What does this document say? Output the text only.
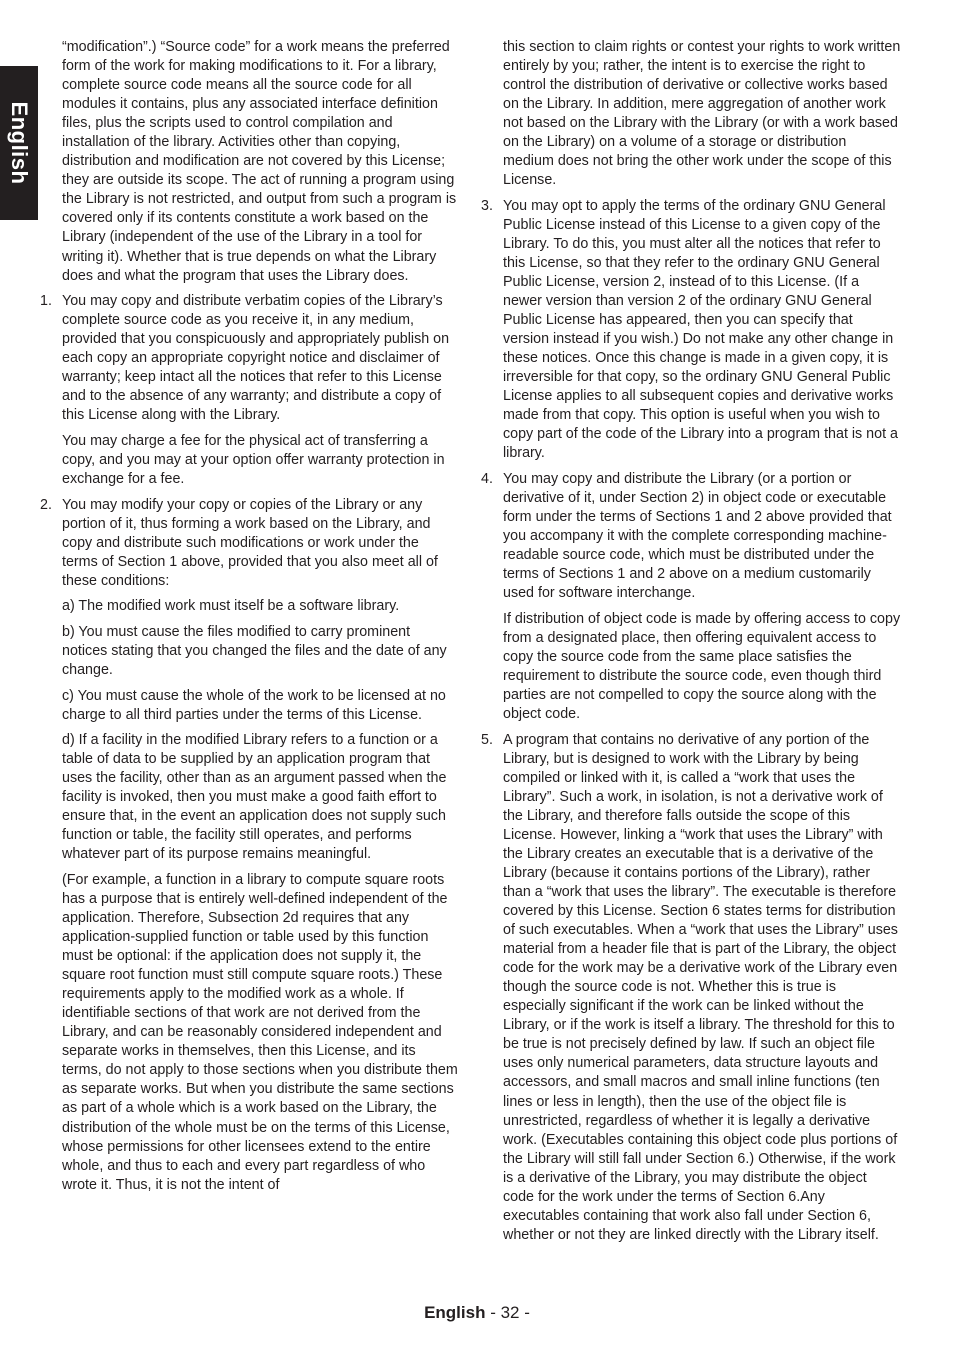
English
“modification”.) “Source code” for a work means the preferred form of the work for making modifications to it. For a library, complete source code means all the source code for all modules it contains, plus any associated interface definition files, plus the scripts used to control compilation and installation of the library. Activities other than copying, distribution and modification are not covered by this License; they are outside its scope. The act of running a program using the Library is not restricted, and output from such a program is covered only if its contents constitute a work based on the Library (independent of the use of the Library in a tool for writing it). Whether that is true depends on what the Library does and what the program that uses the Library does.
1. You may copy and distribute verbatim copies of the Library’s complete source code as you receive it, in any medium, provided that you conspicuously and appropriately publish on each copy an appropriate copyright notice and disclaimer of warranty; keep intact all the notices that refer to this License and to the absence of any warranty; and distribute a copy of this License along with the Library.
You may charge a fee for the physical act of transferring a copy, and you may at your option offer warranty protection in exchange for a fee.
2. You may modify your copy or copies of the Library or any portion of it, thus forming a work based on the Library, and copy and distribute such modifications or work under the terms of Section 1 above, provided that you also meet all of these conditions:
a) The modified work must itself be a software library.
b) You must cause the files modified to carry prominent notices stating that you changed the files and the date of any change.
c) You must cause the whole of the work to be licensed at no charge to all third parties under the terms of this License.
d) If a facility in the modified Library refers to a function or a table of data to be supplied by an application program that uses the facility, other than as an argument passed when the facility is invoked, then you must make a good faith effort to ensure that, in the event an application does not supply such function or table, the facility still operates, and performs whatever part of its purpose remains meaningful.
(For example, a function in a library to compute square roots has a purpose that is entirely well-defined independent of the application. Therefore, Subsection 2d requires that any application-supplied function or table used by this function must be optional: if the application does not supply it, the square root function must still compute square roots.) These requirements apply to the modified work as a whole. If identifiable sections of that work are not derived from the Library, and can be reasonably considered independent and separate works in themselves, then this License, and its terms, do not apply to those sections when you distribute them as separate works. But when you distribute the same sections as part of a whole which is a work based on the Library, the distribution of the whole must be on the terms of this License, whose permissions for other licensees extend to the entire whole, and thus to each and every part regardless of who wrote it. Thus, it is not the intent of
this section to claim rights or contest your rights to work written entirely by you; rather, the intent is to exercise the right to control the distribution of derivative or collective works based on the Library. In addition, mere aggregation of another work not based on the Library with the Library (or with a work based on the Library) on a volume of a storage or distribution medium does not bring the other work under the scope of this License.
3. You may opt to apply the terms of the ordinary GNU General Public License instead of this License to a given copy of the Library. To do this, you must alter all the notices that refer to this License, so that they refer to the ordinary GNU General Public License, version 2, instead of to this License. (If a newer version than version 2 of the ordinary GNU General Public License has appeared, then you can specify that version instead if you wish.) Do not make any other change in these notices. Once this change is made in a given copy, it is irreversible for that copy, so the ordinary GNU General Public License applies to all subsequent copies and derivative works made from that copy. This option is useful when you wish to copy part of the code of the Library into a program that is not a library.
4. You may copy and distribute the Library (or a portion or derivative of it, under Section 2) in object code or executable form under the terms of Sections 1 and 2 above provided that you accompany it with the complete corresponding machine-readable source code, which must be distributed under the terms of Sections 1 and 2 above on a medium customarily used for software interchange.
If distribution of object code is made by offering access to copy from a designated place, then offering equivalent access to copy the source code from the same place satisfies the requirement to distribute the source code, even though third parties are not compelled to copy the source along with the object code.
5. A program that contains no derivative of any portion of the Library, but is designed to work with the Library by being compiled or linked with it, is called a “work that uses the Library”. Such a work, in isolation, is not a derivative work of the Library, and therefore falls outside the scope of this License. However, linking a “work that uses the Library” with the Library creates an executable that is a derivative of the Library (because it contains portions of the Library), rather than a “work that uses the library”. The executable is therefore covered by this License. Section 6 states terms for distribution of such executables. When a “work that uses the Library” uses material from a header file that is part of the Library, the object code for the work may be a derivative work of the Library even though the source code is not. Whether this is true is especially significant if the work can be linked without the Library, or if the work is itself a library. The threshold for this to be true is not precisely defined by law. If such an object file uses only numerical parameters, data structure layouts and accessors, and small macros and small inline functions (ten lines or less in length), then the use of the object file is unrestricted, regardless of whether it is legally a derivative work. (Executables containing this object code plus portions of the Library will still fall under Section 6.) Otherwise, if the work is a derivative of the Library, you may distribute the object code for the work under the terms of Section 6.Any executables containing that work also fall under Section 6, whether or not they are linked directly with the Library itself.
English - 32 -
